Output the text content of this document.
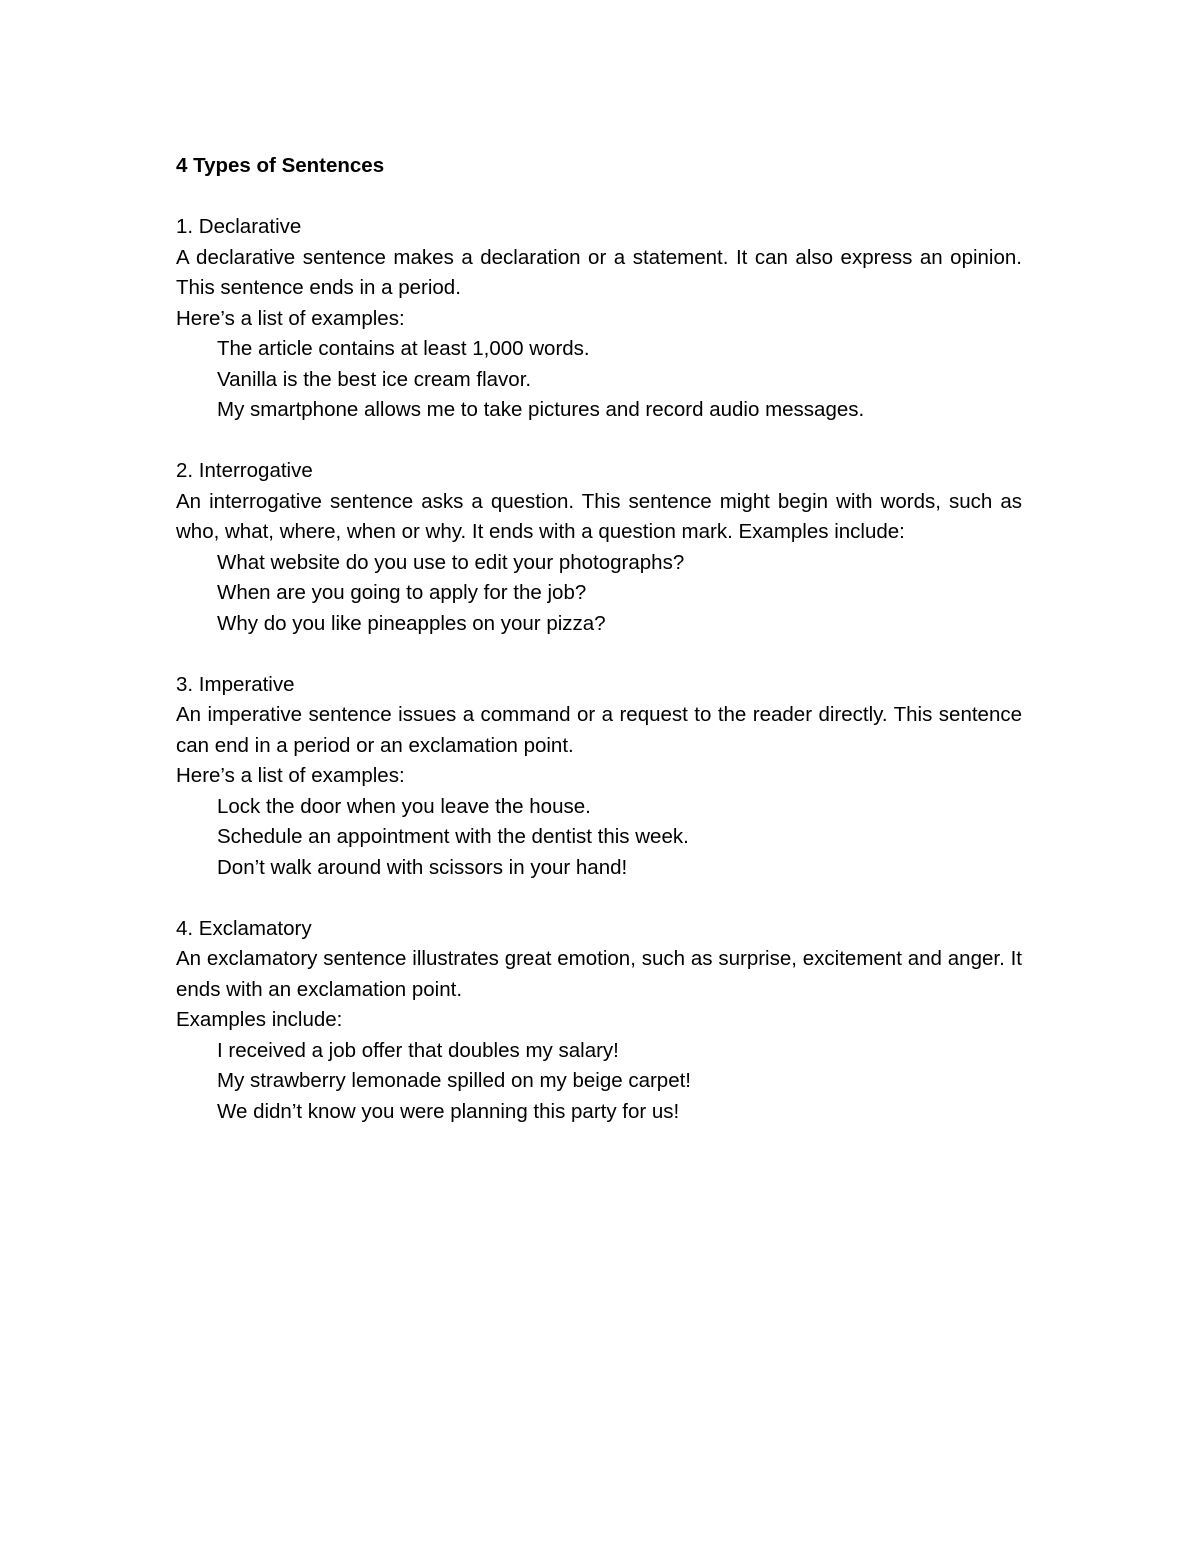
4 Types of Sentences

1. Declarative

A declarative sentence makes a declaration or a statement. It can also express an opinion. This sentence ends in a period.

Here’s a list of examples:

The article contains at least 1,000 words.

Vanilla is the best ice cream flavor.

My smartphone allows me to take pictures and record audio messages.

2. Interrogative

An interrogative sentence asks a question. This sentence might begin with words, such as who, what, where, when or why. It ends with a question mark. Examples include:

What website do you use to edit your photographs?

When are you going to apply for the job?

Why do you like pineapples on your pizza?

3. Imperative

An imperative sentence issues a command or a request to the reader directly. This sentence can end in a period or an exclamation point.

Here’s a list of examples:

Lock the door when you leave the house.

Schedule an appointment with the dentist this week.

Don’t walk around with scissors in your hand!

4. Exclamatory

An exclamatory sentence illustrates great emotion, such as surprise, excitement and anger. It ends with an exclamation point.

Examples include:

I received a job offer that doubles my salary!

My strawberry lemonade spilled on my beige carpet!

We didn’t know you were planning this party for us!
